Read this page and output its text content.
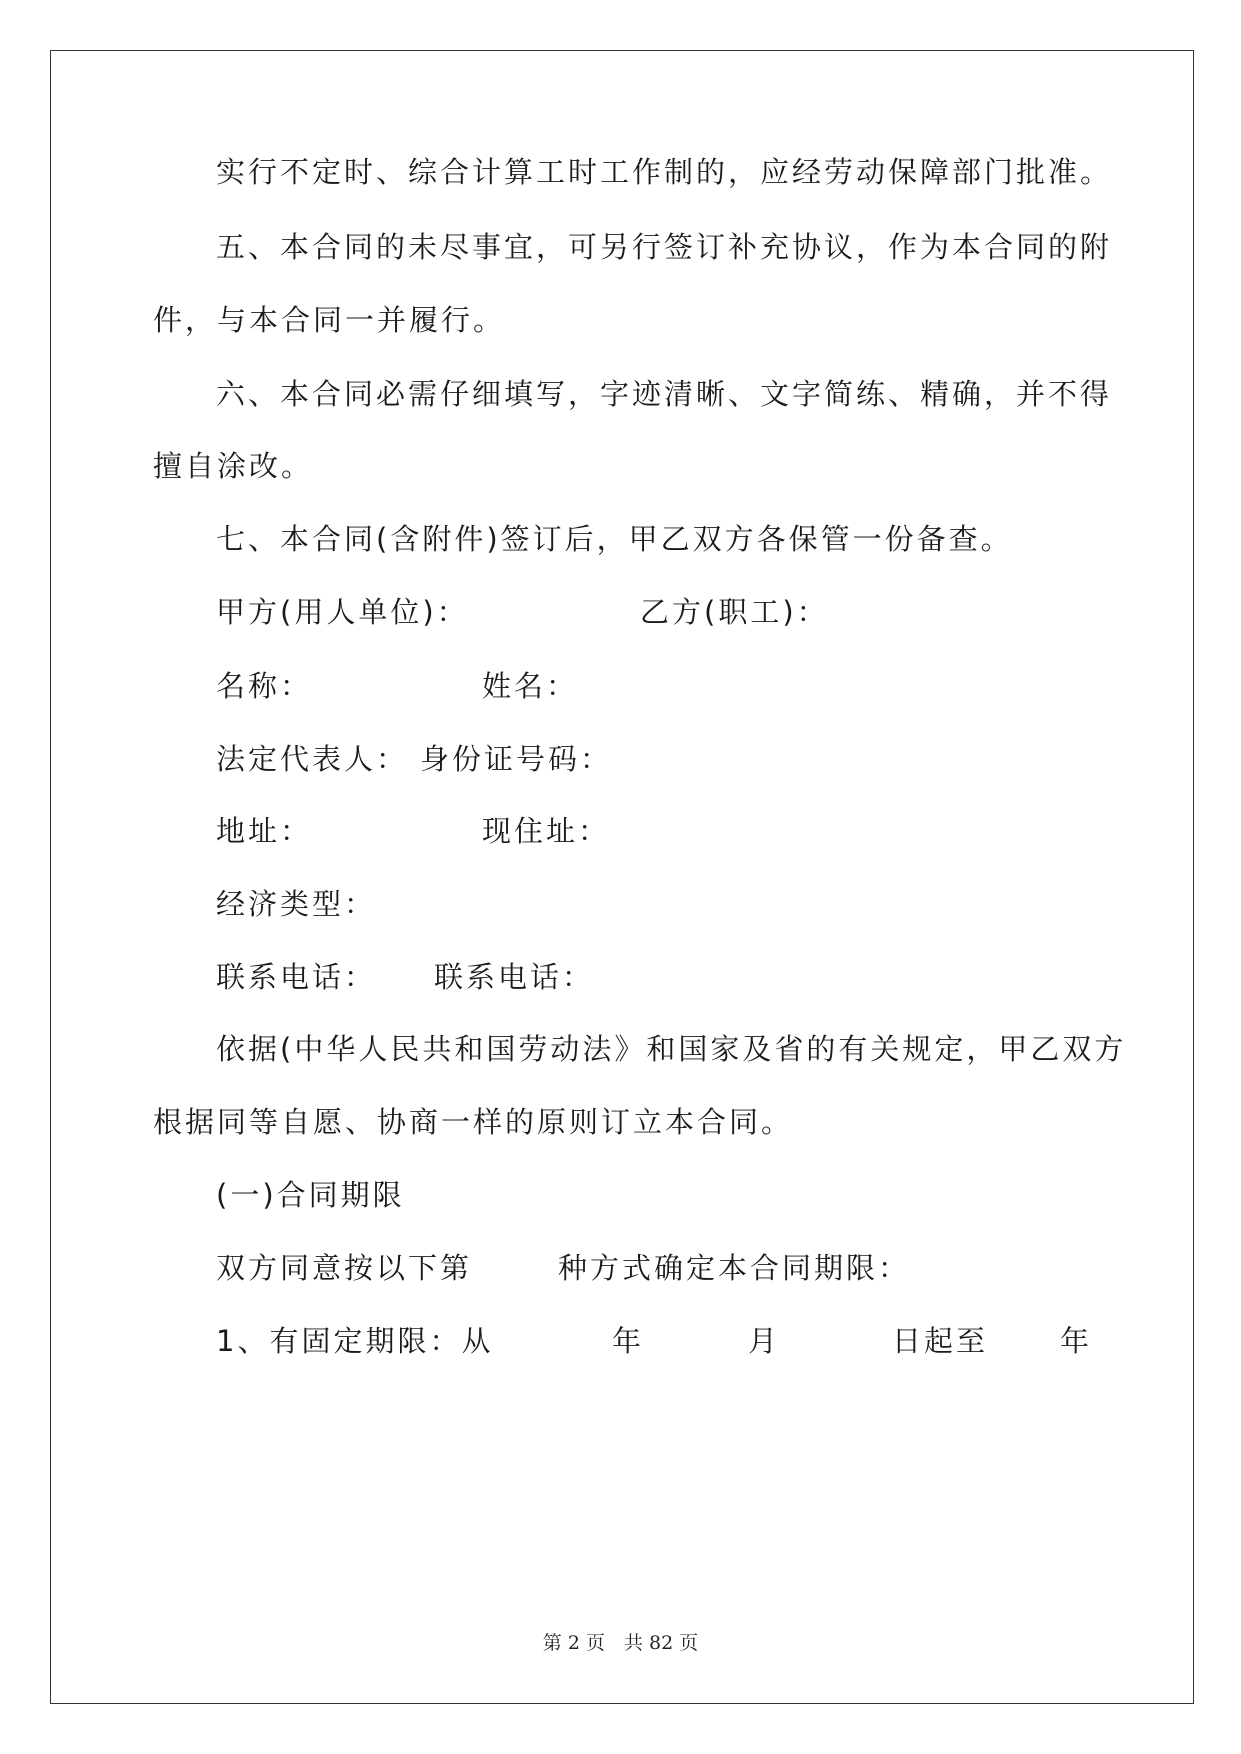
实行不定时、综合计算工时工作制的，应经劳动保障部门批准。
五、本合同的未尽事宜，可另行签订补充协议，作为本合同的附
件，与本合同一并履行。
六、本合同必需仔细填写，字迹清晰、文字简练、精确，并不得
擅自涂改。
七、本合同(含附件)签订后，甲乙双方各保管一份备查。
甲方(用人单位)：	乙方(职工)：
名称：	姓名：
法定代表人： 身份证号码：
地址：	现住址：
经济类型：
联系电话： 联系电话：
依据(中华人民共和国劳动法》和国家及省的有关规定，甲乙双方
根据同等自愿、协商一样的原则订立本合同。
(一)合同期限
双方同意按以下第	种方式确定本合同期限：
1、有固定期限：从	年	月	日起至 年
第 2 页　共 82 页
